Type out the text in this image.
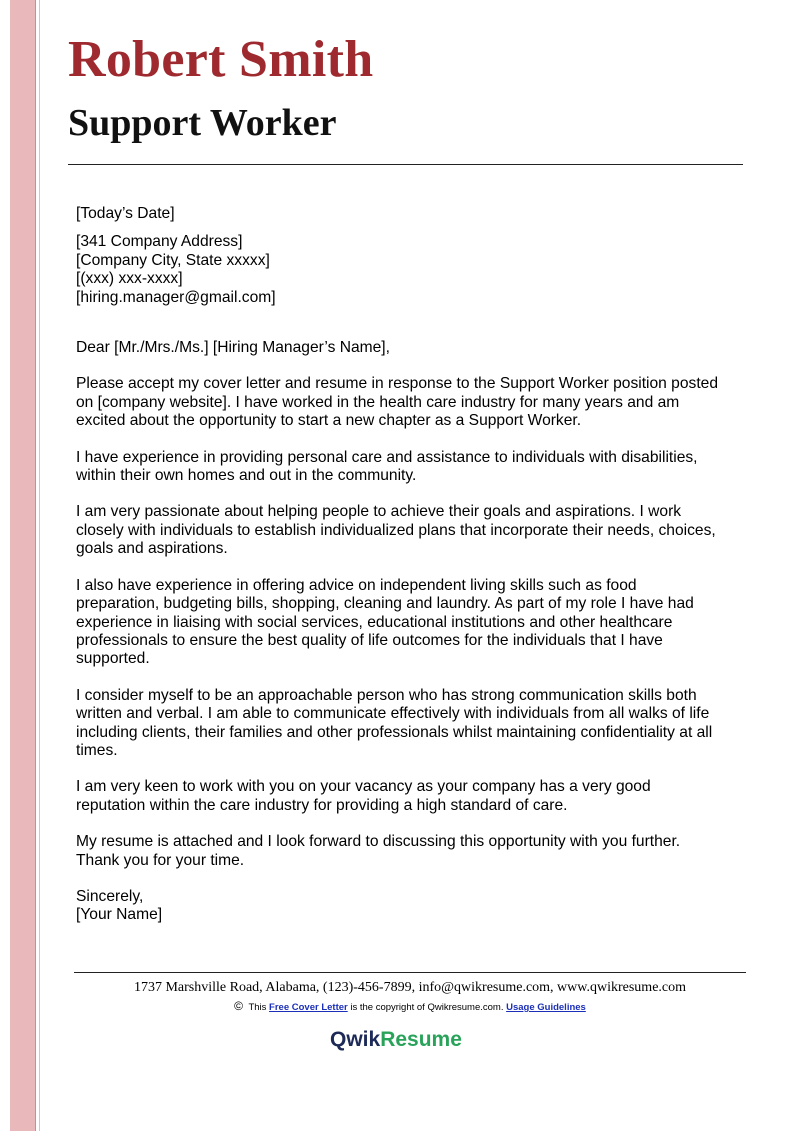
Robert Smith
Support Worker
[Today’s Date]
[341 Company Address]
[Company City, State xxxxx]
[(xxx) xxx-xxxx]
[hiring.manager@gmail.com]

Dear [Mr./Mrs./Ms.] [Hiring Manager’s Name],

Please accept my cover letter and resume in response to the Support Worker position posted
on [company website]. I have worked in the health care industry for many years and am
excited about the opportunity to start a new chapter as a Support Worker.

I have experience in providing personal care and assistance to individuals with disabilities,
within their own homes and out in the community.

I am very passionate about helping people to achieve their goals and aspirations. I work
closely with individuals to establish individualized plans that incorporate their needs, choices,
goals and aspirations.

I also have experience in offering advice on independent living skills such as food
preparation, budgeting bills, shopping, cleaning and laundry. As part of my role I have had
experience in liaising with social services, educational institutions and other healthcare
professionals to ensure the best quality of life outcomes for the individuals that I have
supported.

I consider myself to be an approachable person who has strong communication skills both
written and verbal. I am able to communicate effectively with individuals from all walks of life
including clients, their families and other professionals whilst maintaining confidentiality at all
times.

I am very keen to work with you on your vacancy as your company has a very good
reputation within the care industry for providing a high standard of care.

My resume is attached and I look forward to discussing this opportunity with you further.
Thank you for your time.

Sincerely,
[Your Name]
1737 Marshville Road, Alabama, (123)-456-7899, info@qwikresume.com, www.qwikresume.com
© This Free Cover Letter is the copyright of Qwikresume.com. Usage Guidelines
QwikResume
